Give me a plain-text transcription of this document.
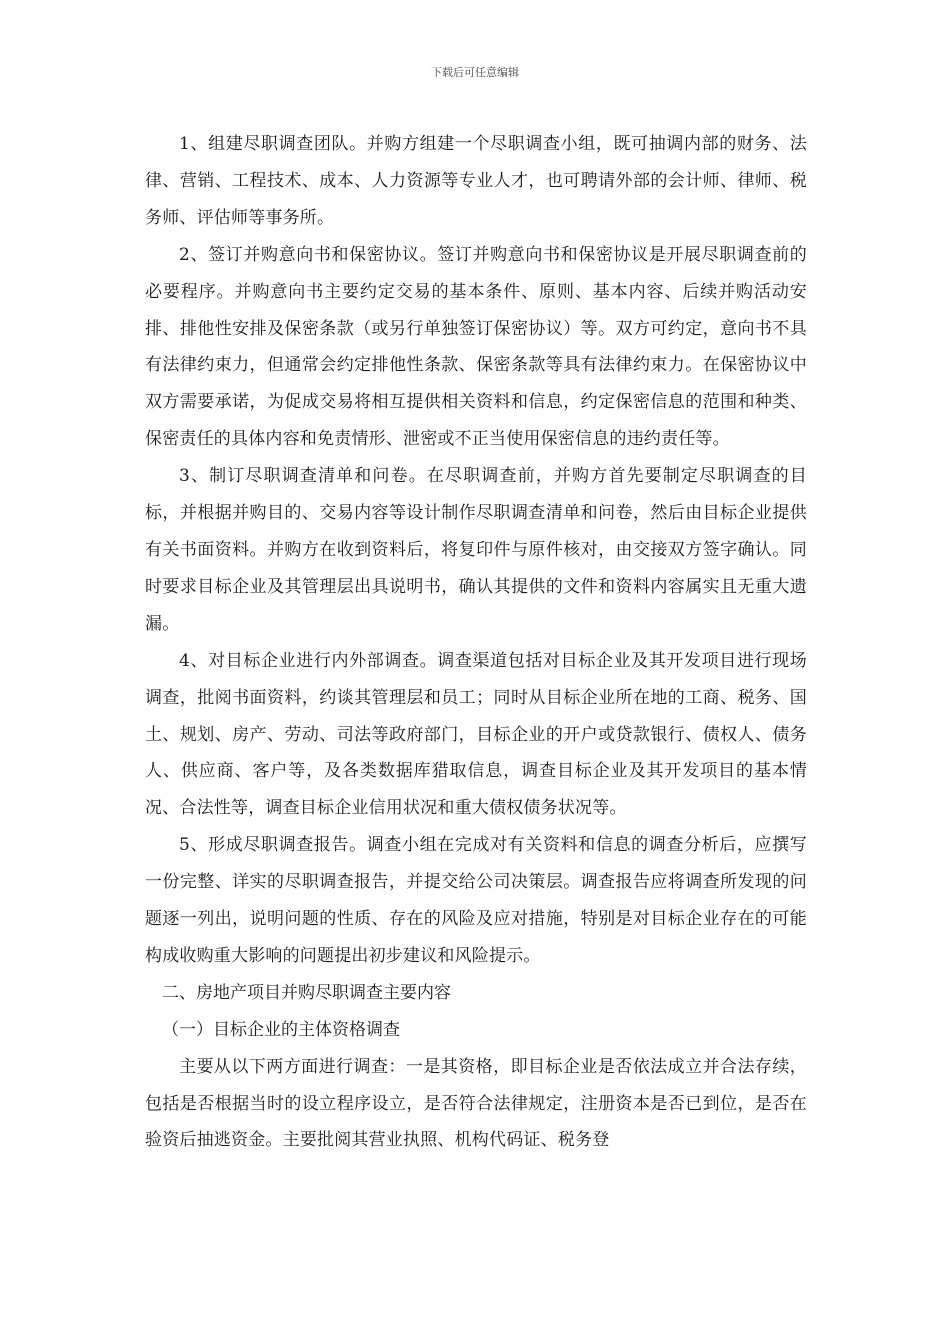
下载后可任意编辑

1、组建尽职调查团队。并购方组建一个尽职调查小组，既可抽调内部的财务、法律、营销、工程技术、成本、人力资源等专业人才，也可聘请外部的会计师、律师、税务师、评估师等事务所。

2、签订并购意向书和保密协议。签订并购意向书和保密协议是开展尽职调查前的必要程序。并购意向书主要约定交易的基本条件、原则、基本内容、后续并购活动安排、排他性安排及保密条款（或另行单独签订保密协议）等。双方可约定，意向书不具有法律约束力，但通常会约定排他性条款、保密条款等具有法律约束力。在保密协议中双方需要承诺，为促成交易将相互提供相关资料和信息，约定保密信息的范围和种类、保密责任的具体内容和免责情形、泄密或不正当使用保密信息的违约责任等。

3、制订尽职调查清单和问卷。在尽职调查前，并购方首先要制定尽职调查的目标，并根据并购目的、交易内容等设计制作尽职调查清单和问卷，然后由目标企业提供有关书面资料。并购方在收到资料后，将复印件与原件核对，由交接双方签字确认。同时要求目标企业及其管理层出具说明书，确认其提供的文件和资料内容属实且无重大遗漏。

4、对目标企业进行内外部调查。调查渠道包括对目标企业及其开发项目进行现场调查，批阅书面资料，约谈其管理层和员工；同时从目标企业所在地的工商、税务、国土、规划、房产、劳动、司法等政府部门，目标企业的开户或贷款银行、债权人、债务人、供应商、客户等，及各类数据库猎取信息，调查目标企业及其开发项目的基本情况、合法性等，调查目标企业信用状况和重大债权债务状况等。

5、形成尽职调查报告。调查小组在完成对有关资料和信息的调查分析后，应撰写一份完整、详实的尽职调查报告，并提交给公司决策层。调查报告应将调查所发现的问题逐一列出，说明问题的性质、存在的风险及应对措施，特别是对目标企业存在的可能构成收购重大影响的问题提出初步建议和风险提示。

二、房地产项目并购尽职调查主要内容

（一）目标企业的主体资格调查

主要从以下两方面进行调查：一是其资格，即目标企业是否依法成立并合法存续，包括是否根据当时的设立程序设立，是否符合法律规定，注册资本是否已到位，是否在验资后抽逃资金。主要批阅其营业执照、机构代码证、税务登
